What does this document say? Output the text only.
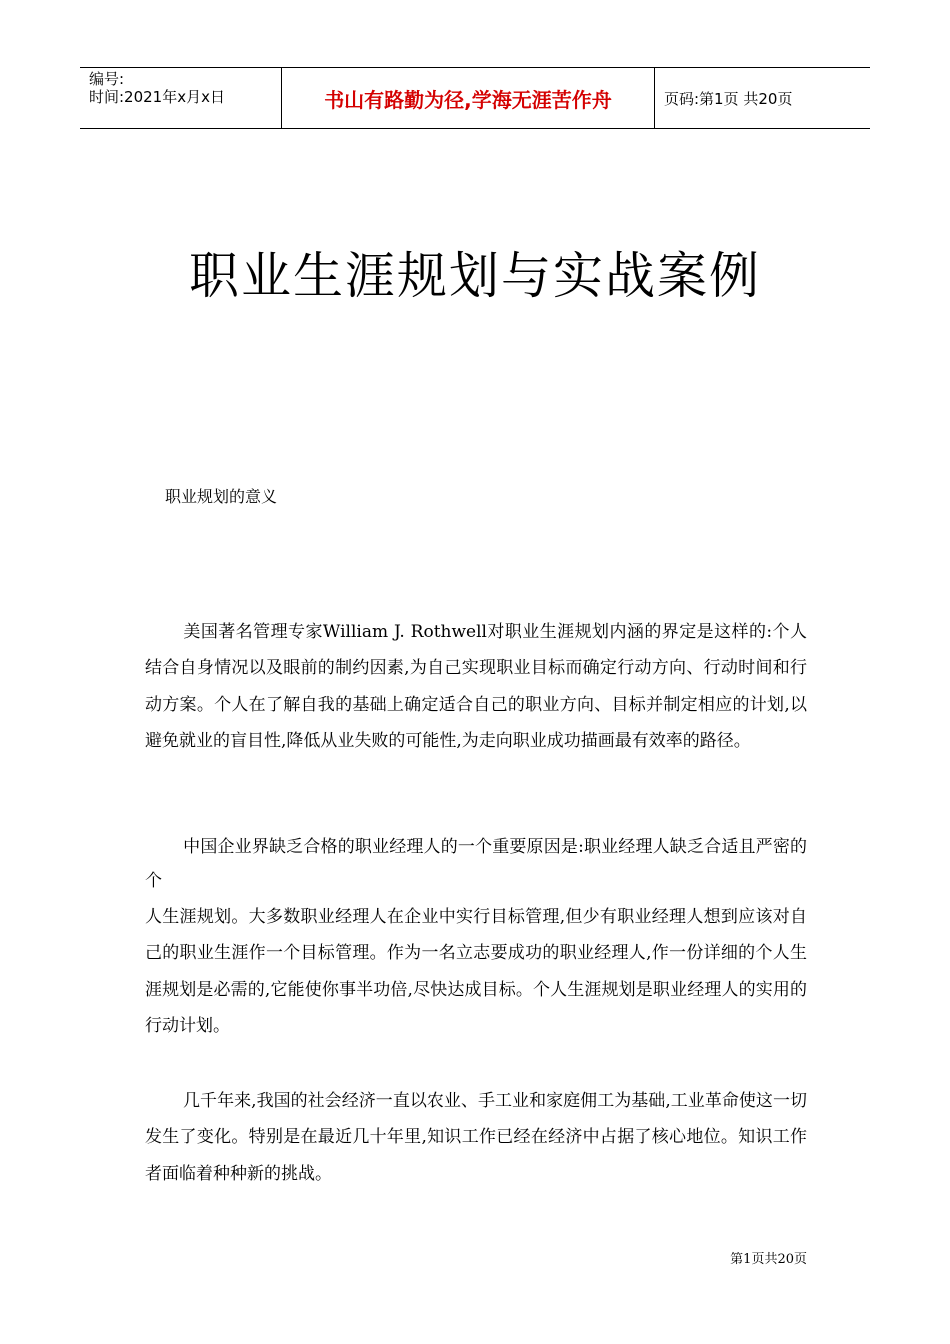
编号:
时间:2021年x月x日	书山有路勤为径,学海无涯苦作舟	页码:第1页 共20页
职业生涯规划与实战案例
职业规划的意义

美国著名管理专家William J. Rothwell对职业生涯规划内涵的界定是这样的:个人结合自身情况以及眼前的制约因素,为自己实现职业目标而确定行动方向、行动时间和行动方案。个人在了解自我的基础上确定适合自己的职业方向、目标并制定相应的计划,以避免就业的盲目性,降低从业失败的可能性,为走向职业成功描画最有效率的路径。

中国企业界缺乏合格的职业经理人的一个重要原因是:职业经理人缺乏合适且严密的个

人生涯规划。大多数职业经理人在企业中实行目标管理,但少有职业经理人想到应该对自己的职业生涯作一个目标管理。作为一名立志要成功的职业经理人,作一份详细的个人生涯规划是必需的,它能使你事半功倍,尽快达成目标。个人生涯规划是职业经理人的实用的行动计划。

几千年来,我国的社会经济一直以农业、手工业和家庭佣工为基础,工业革命使这一切发生了变化。特别是在最近几十年里,知识工作已经在经济中占据了核心地位。知识工作者面临着种种新的挑战。

第1页共20页
